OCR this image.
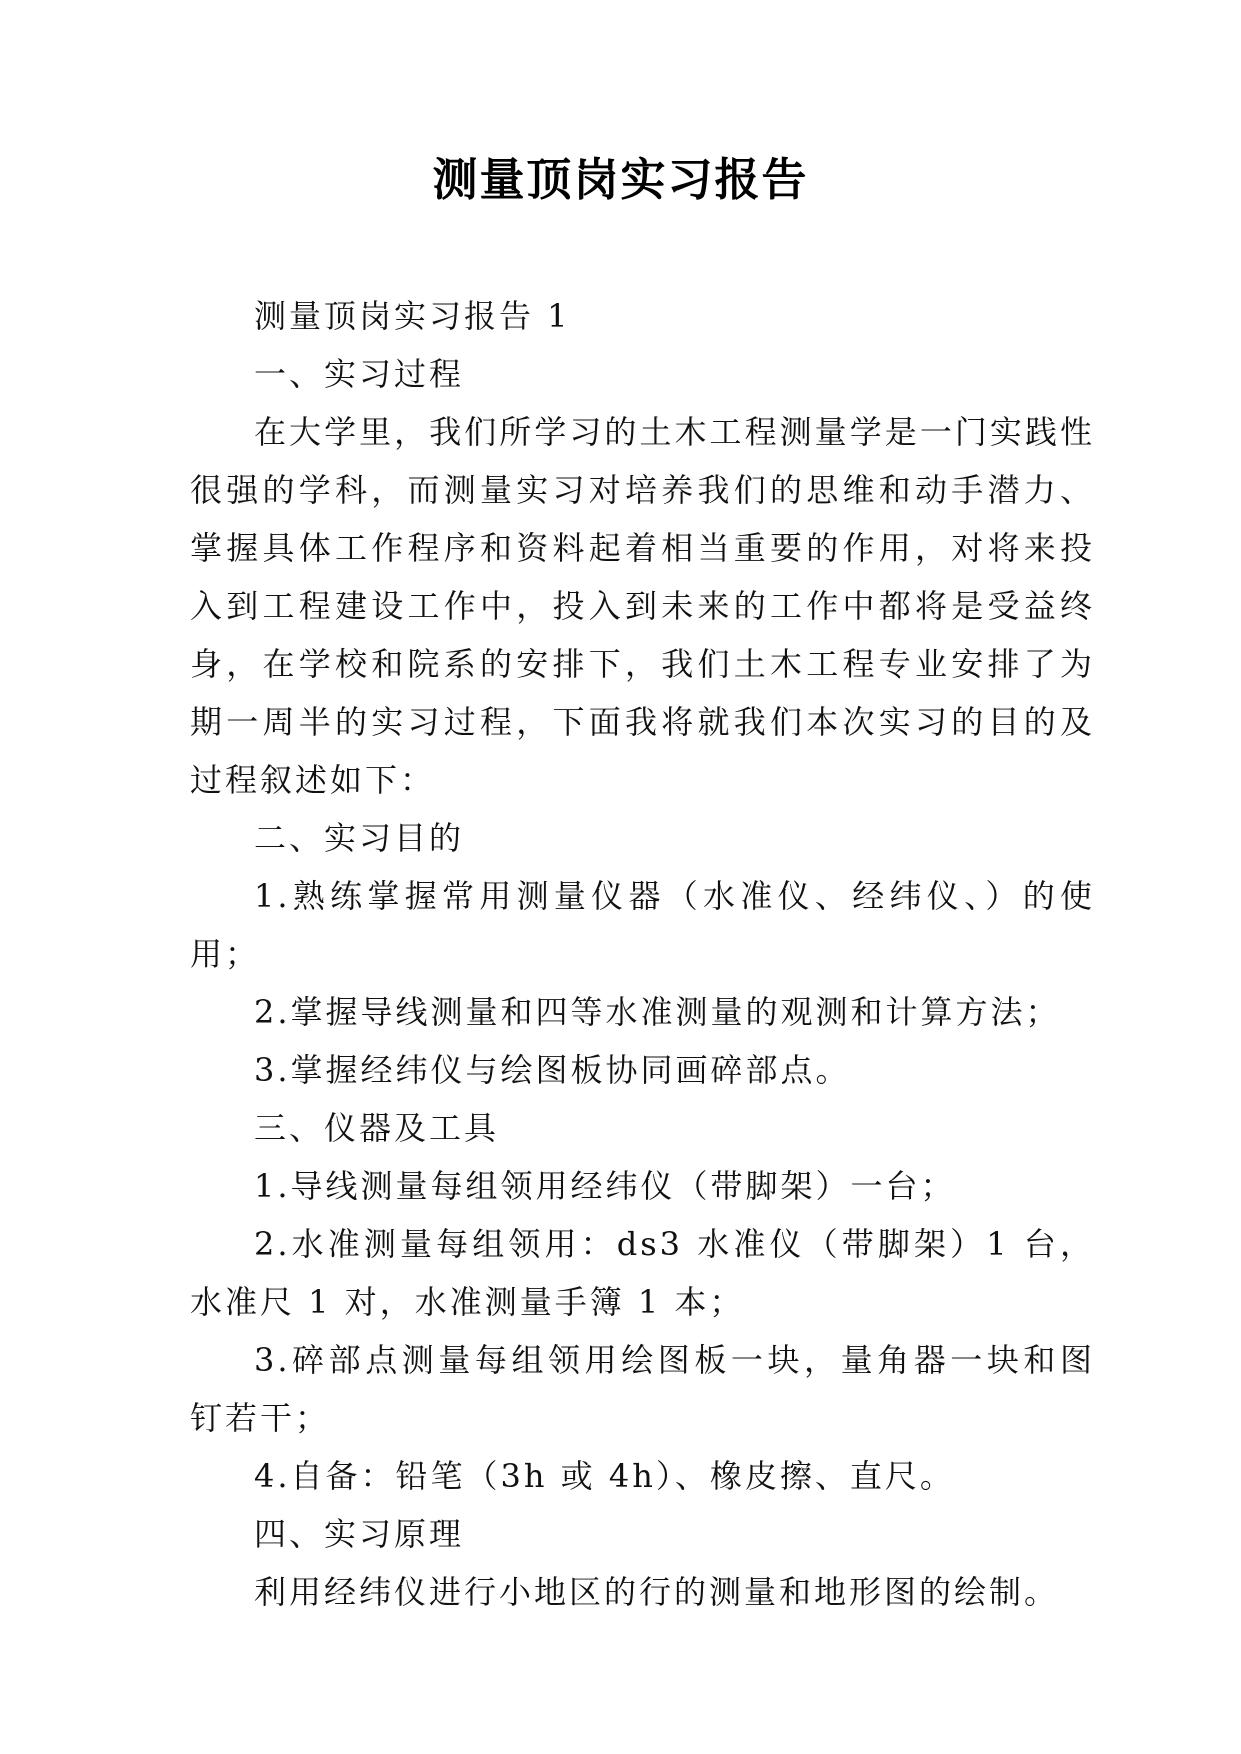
测量顶岗实习报告

测量顶岗实习报告 1

一、实习过程

在大学里，我们所学习的土木工程测量学是一门实践性很强的学科，而测量实习对培养我们的思维和动手潜力、掌握具体工作程序和资料起着相当重要的作用，对将来投入到工程建设工作中，投入到未来的工作中都将是受益终身，在学校和院系的安排下，我们土木工程专业安排了为期一周半的实习过程，下面我将就我们本次实习的目的及过程叙述如下：

二、实习目的

1.熟练掌握常用测量仪器（水准仪、经纬仪、）的使用；

2.掌握导线测量和四等水准测量的观测和计算方法；

3.掌握经纬仪与绘图板协同画碎部点。

三、仪器及工具

1.导线测量每组领用经纬仪（带脚架）一台；

2.水准测量每组领用：ds3 水准仪（带脚架）1 台，水准尺 1 对，水准测量手簿 1 本；

3.碎部点测量每组领用绘图板一块，量角器一块和图钉若干；

4.自备：铅笔（3h 或 4h）、橡皮擦、直尺。

四、实习原理

利用经纬仪进行小地区的行的测量和地形图的绘制。
